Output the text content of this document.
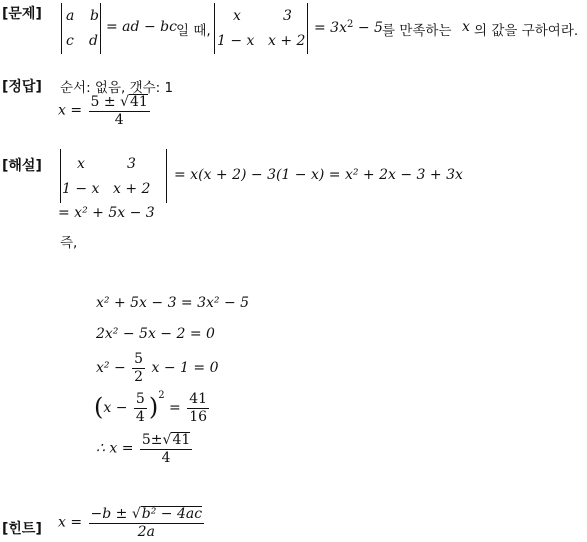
[문제] a b
c d
= ad − bc 일 때,
x	3
1 − x x + 2
= $3x^2 - 5$ 를 만족하는 x 의 값을 구하여라.
[정답] 순서: 없음, 갯수: 1
$x = \frac{5 \pm √41}{4}$
[해설]	x	3
1 − x x + 2
= x(x + 2) − 3(1 − x) = x² + 2x − 3 + 3x
= x² + 5x − 3
즉,
x² + 5x − 3 = 3x² − 5
2x² − 5x − 2 = 0
$x^2 - \frac{5}{2}$ x − 1 = 0
$(x - \frac{5}{4} )^2 = \frac{41}{16}$
∴ $x = \frac{5\pm√41}{4}$
[힌트] $x = \frac{\text{−b ± √b² − 4ac}}{2a}$
